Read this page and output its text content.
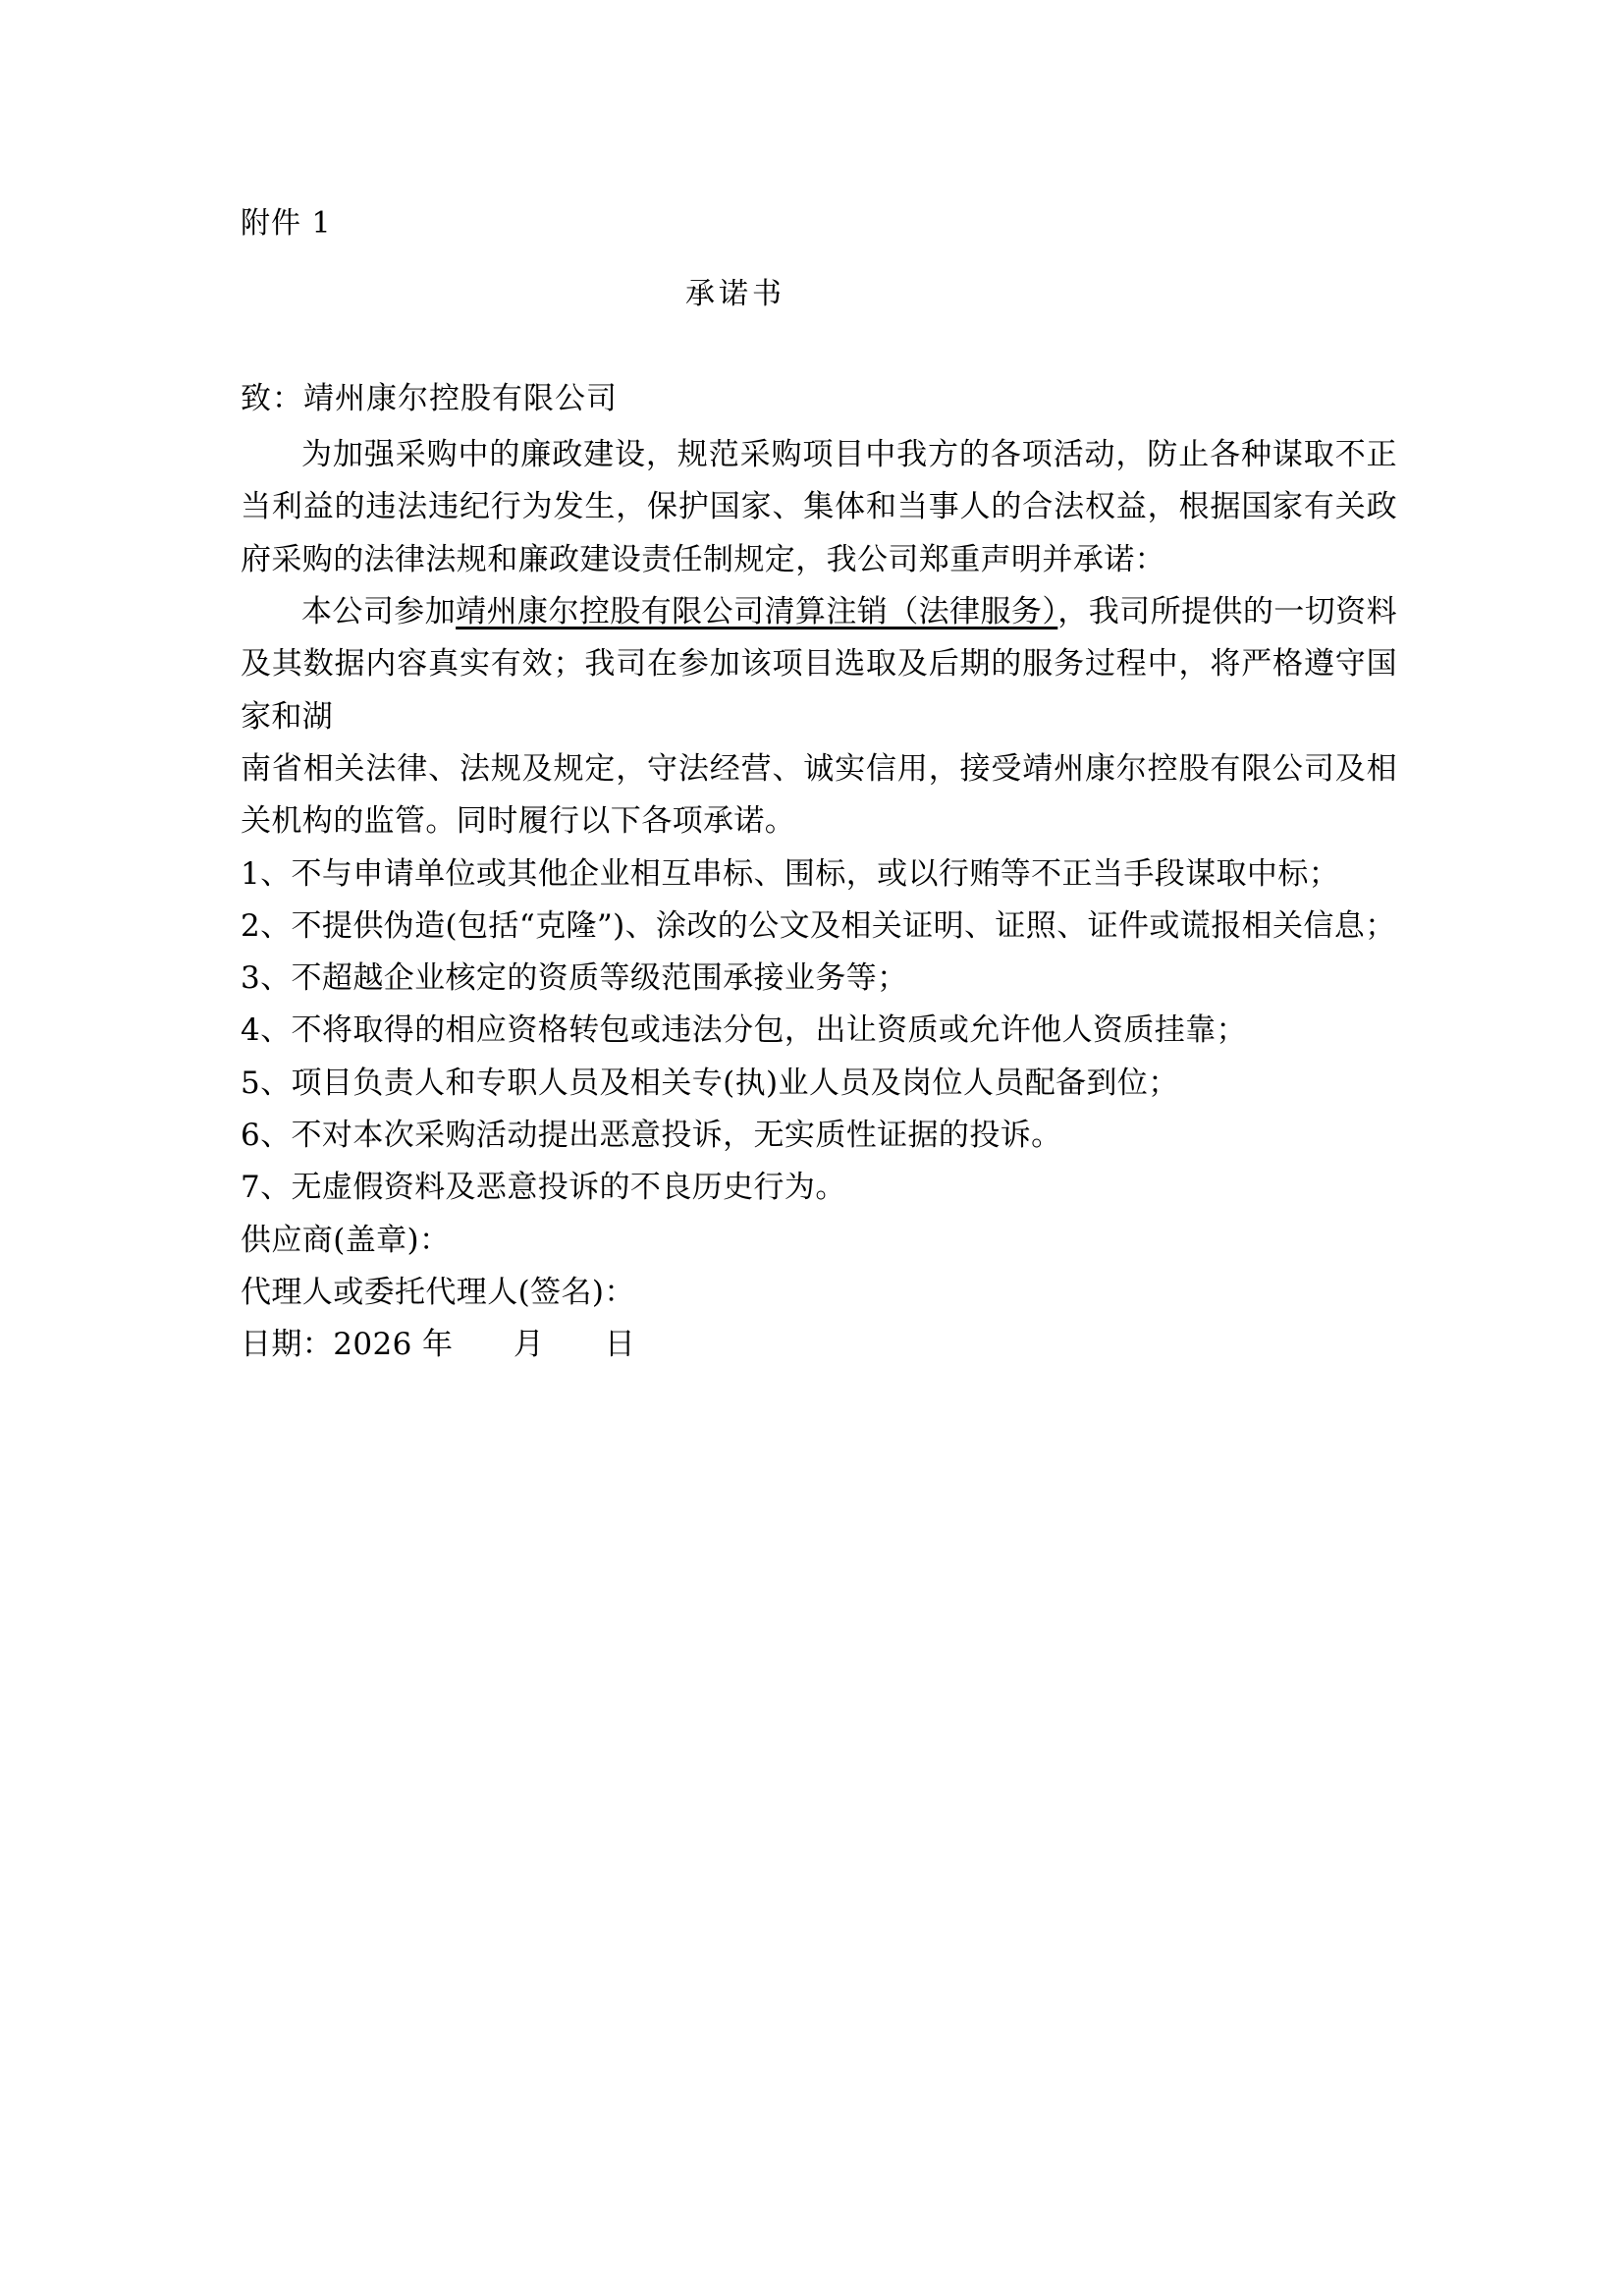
附件 1
承诺书
致：靖州康尔控股有限公司

为加强采购中的廉政建设，规范采购项目中我方的各项活动，防止各种谋取不正当利益的违法违纪行为发生，保护国家、集体和当事人的合法权益，根据国家有关政府采购的法律法规和廉政建设责任制规定，我公司郑重声明并承诺：

本公司参加靖州康尔控股有限公司清算注销（法律服务），我司所提供的一切资料及其数据内容真实有效；我司在参加该项目选取及后期的服务过程中，将严格遵守国家和湖

南省相关法律、法规及规定，守法经营、诚实信用，接受靖州康尔控股有限公司及相关机构的监管。同时履行以下各项承诺。

1、不与申请单位或其他企业相互串标、围标，或以行贿等不正当手段谋取中标；

2、不提供伪造(包括“克隆”)、涂改的公文及相关证明、证照、证件或谎报相关信息；

3、不超越企业核定的资质等级范围承接业务等；

4、不将取得的相应资格转包或违法分包，出让资质或允许他人资质挂靠；

5、项目负责人和专职人员及相关专(执)业人员及岗位人员配备到位；

6、不对本次采购活动提出恶意投诉，无实质性证据的投诉。

7、无虚假资料及恶意投诉的不良历史行为。

供应商(盖章)：

代理人或委托代理人(签名)：

日期：2026 年      月      日
